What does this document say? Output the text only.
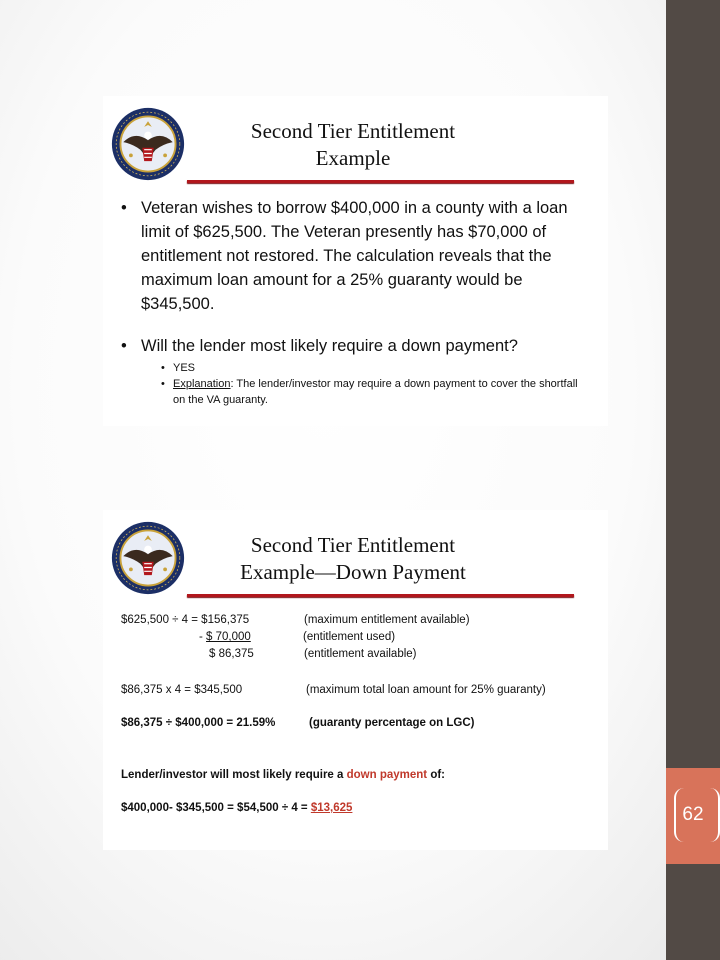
62
Second Tier Entitlement
Example
• Veteran wishes to borrow $400,000 in a county with a loan limit of $625,500. The Veteran presently has $70,000 of entitlement not restored. The calculation reveals that the maximum loan amount for a 25% guaranty would be $345,500.
• Will the lender most likely require a down payment?
• YES
• Explanation: The lender/investor may require a down payment to cover the shortfall on the VA guaranty.
Second Tier Entitlement
Example—Down Payment
$625,500 ÷ 4 = $156,375	(maximum entitlement available)
- $ 70,000	(entitlement used)
$ 86,375	(entitlement available)
$86,375 x 4 = $345,500	(maximum total loan amount for 25% guaranty)
$86,375 ÷ $400,000 = 21.59%	(guaranty percentage on LGC)
Lender/investor will most likely require a down payment of:
$400,000- $345,500 = $54,500 ÷ 4 = $13,625
